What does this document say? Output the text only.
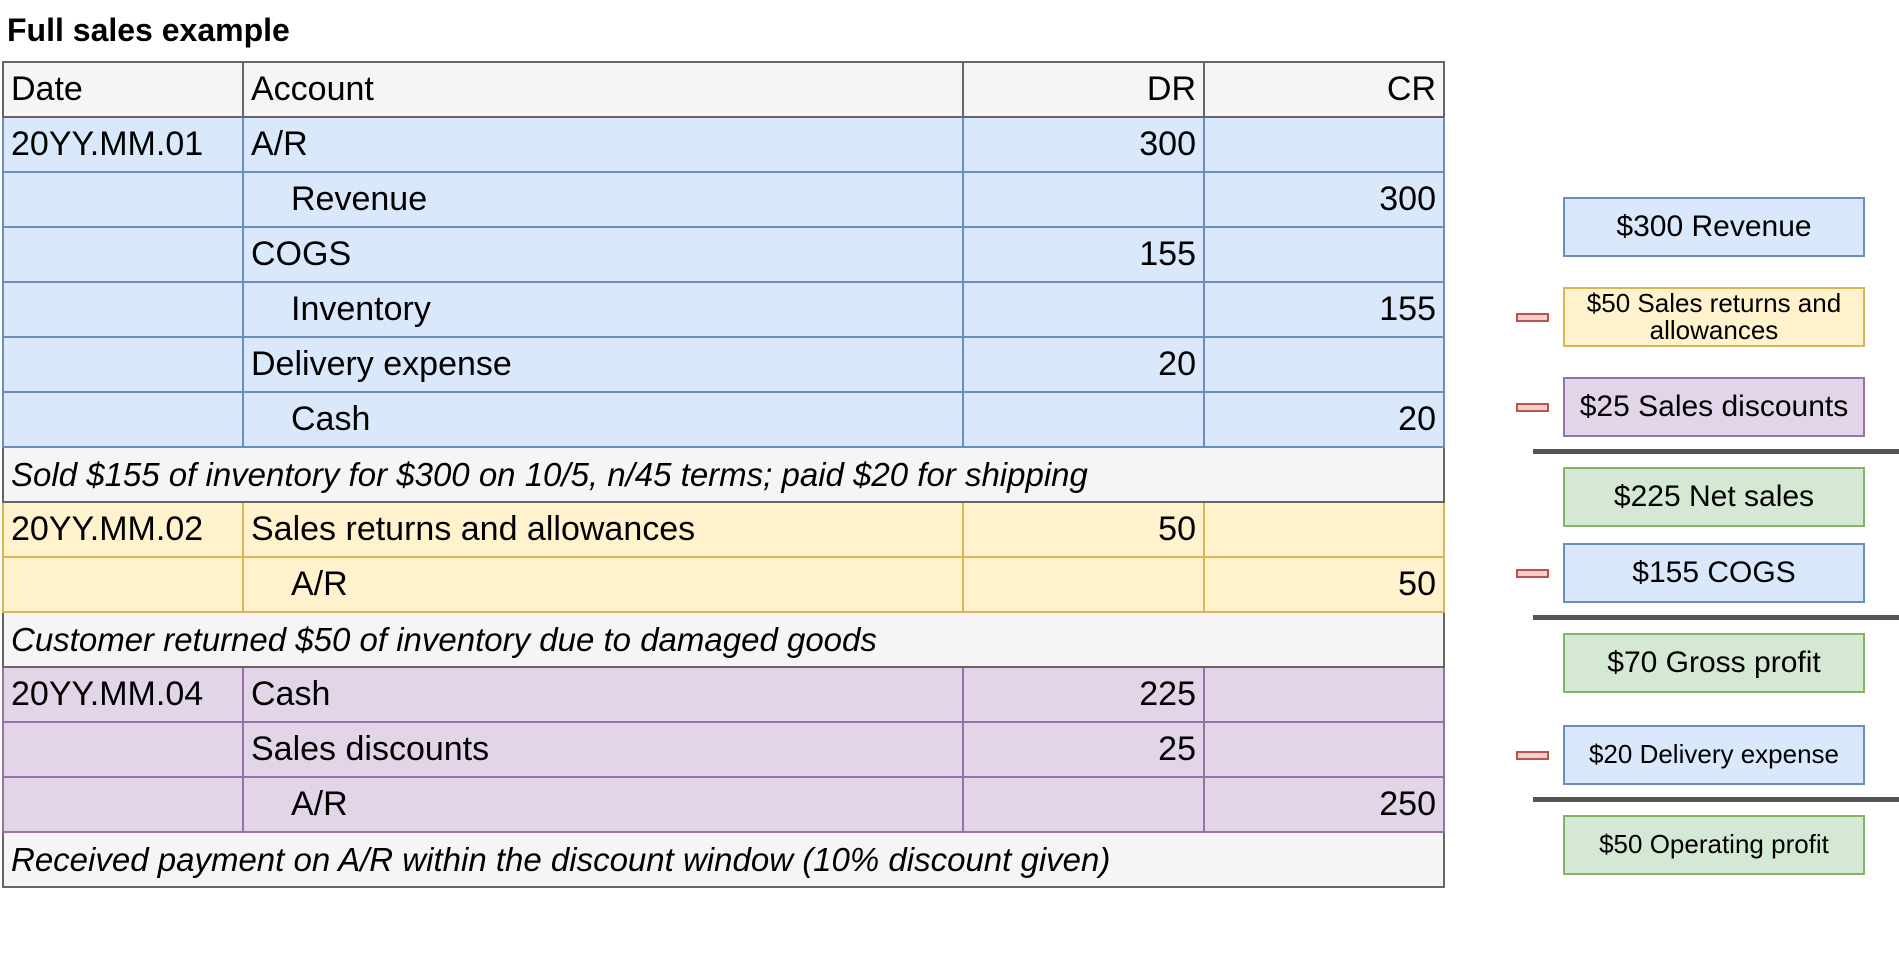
Full sales example
Date	Account	DR	CR
20YY.MM.01	A/R	300	
	Revenue		300
	COGS	155	
	Inventory		155
	Delivery expense	20	
	Cash		20
Sold $155 of inventory for $300 on 10/5, n/45 terms; paid $20 for shipping			
20YY.MM.02	Sales returns and allowances	50	
	A/R		50
Customer returned $50 of inventory due to damaged goods			
20YY.MM.04	Cash	225	
	Sales discounts	25	
	A/R		250
Received payment on A/R within the discount window (10% discount given)			
$300 Revenue
$50 Sales returns and allowances
$25 Sales discounts
$225 Net sales
$155 COGS
$70 Gross profit
$20 Delivery expense
$50 Operating profit
